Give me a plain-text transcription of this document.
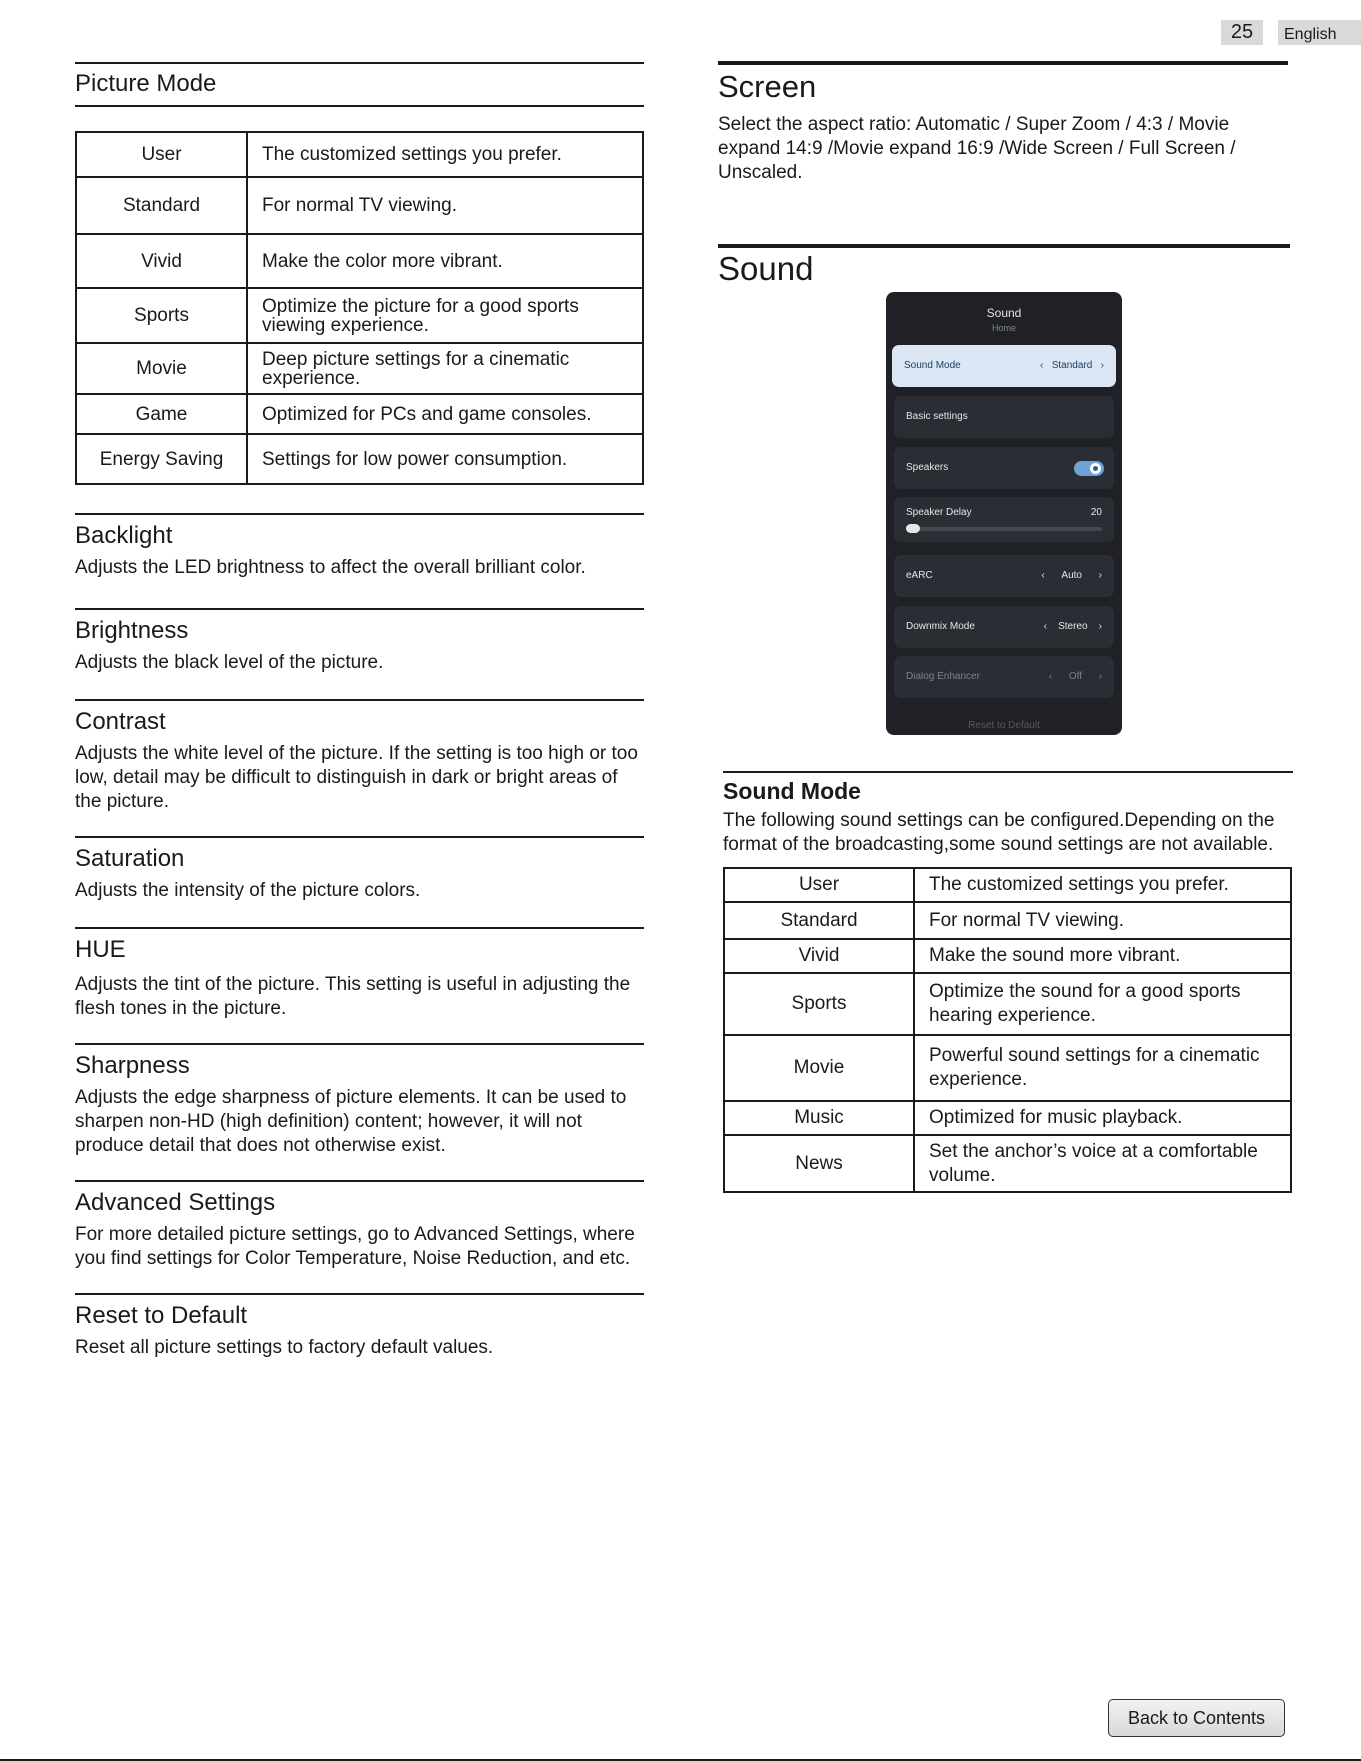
25	English
Picture Mode
User	The customized settings you prefer.
Standard	For normal TV viewing.
Vivid	Make the color more vibrant.
Sports	Optimize the picture for a good sports viewing experience.
Movie	Deep picture settings for a cinematic experience.
Game	Optimized for PCs and game consoles.
Energy Saving	Settings for low power consumption.
Backlight
Adjusts the LED brightness to affect the overall brilliant color.
Brightness
Adjusts the black level of the picture.
Contrast
Adjusts the white level of the picture. If the setting is too high or too low, detail may be difficult to distinguish in dark or bright areas of the picture.
Saturation
Adjusts the intensity of the picture colors.
HUE
Adjusts the tint of the picture. This setting is useful in adjusting the flesh tones in the picture.
Sharpness
Adjusts the edge sharpness of picture elements. It can be used to sharpen non-HD (high definition) content; however, it will not produce detail that does not otherwise exist.
Advanced Settings
For more detailed picture settings, go to Advanced Settings, where you find settings for Color Temperature, Noise Reduction, and etc.
Reset to Default
Reset all picture settings to factory default values.
Screen
Select the aspect ratio: Automatic / Super Zoom / 4:3 / Movie expand 14:9 /Movie expand 16:9 /Wide Screen / Full Screen / Unscaled.
Sound
Sound
Home
Sound Mode	‹ Standard ›
Basic settings
Speakers
Speaker Delay	20
eARC	‹ Auto ›
Downmix Mode	‹ Stereo ›
Dialog Enhancer	‹ Off ›
Reset to Default
Sound Mode
The following sound settings can be configured.Depending on the format of the broadcasting,some sound settings are not available.
User	The customized settings you prefer.
Standard	For normal TV viewing.
Vivid	Make the sound more vibrant.
Sports	Optimize the sound for a good sports hearing experience.
Movie	Powerful sound settings for a cinematic experience.
Music	Optimized for music playback.
News	Set the anchor’s voice at a comfortable volume.
Back to Contents
